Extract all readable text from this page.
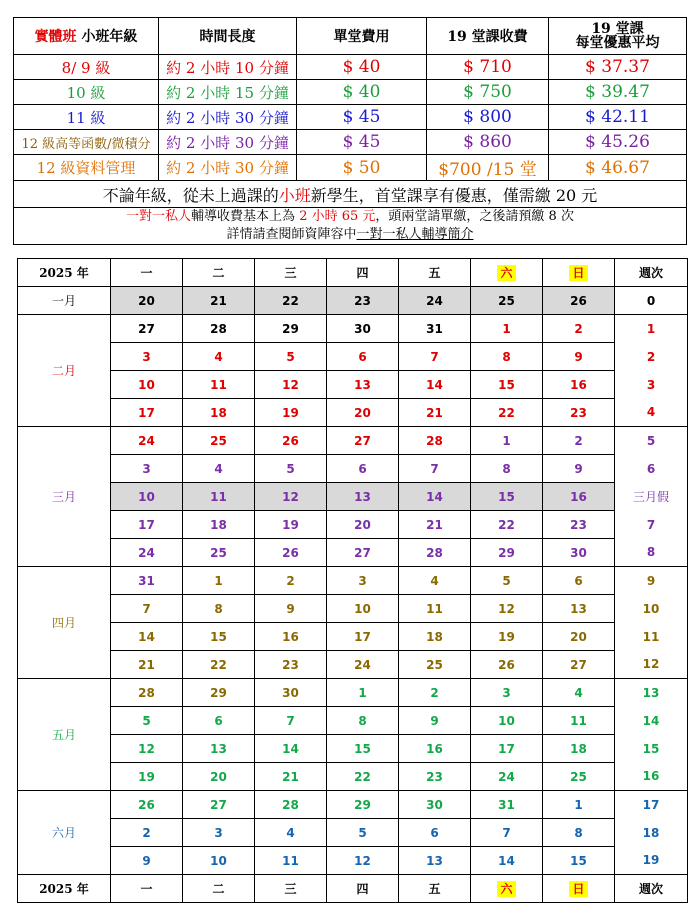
實體班 小班年級	時間長度	單堂費用	19 堂課收費	19 堂課
每堂優惠平均

8/ 9 級	約 2 小時 10 分鐘	$ 40	$ 710	$ 37.37
10 級	約 2 小時 15 分鐘	$ 40	$ 750	$ 39.47
11 級	約 2 小時 30 分鐘	$ 45	$ 800	$ 42.11
12 級高等函數/微積分	約 2 小時 30 分鐘	$ 45	$ 860	$ 45.26
12 級資料管理	約 2 小時 30 分鐘	$ 50	$700 /15 堂	$ 46.67
不論年級，從未上過課的小班新學生，首堂課享有優惠，僅需繳 20 元				

一對一私人輔導收費基本上為 2 小時 65 元，頭兩堂請單繳，之後請預繳 8 次
詳情請查閱師資陣容中一對一私人輔導簡介				
2025 年	一	二	三	四	五	六	日	週次
一月	20	21	22	23	24	25	26	0
二月	27	28	29	30	31	1	2	1
	3	4	5	6	7	8	9	2
	10	11	12	13	14	15	16	3
	17	18	19	20	21	22	23	4
三月	24	25	26	27	28	1	2	5
	3	4	5	6	7	8	9	6
	10	11	12	13	14	15	16	三月假
	17	18	19	20	21	22	23	7
	24	25	26	27	28	29	30	8
四月	31	1	2	3	4	5	6	9
	7	8	9	10	11	12	13	10
	14	15	16	17	18	19	20	11
	21	22	23	24	25	26	27	12
五月	28	29	30	1	2	3	4	13
	5	6	7	8	9	10	11	14
	12	13	14	15	16	17	18	15
	19	20	21	22	23	24	25	16
六月	26	27	28	29	30	31	1	17
	2	3	4	5	6	7	8	18
	9	10	11	12	13	14	15	19
2025 年	一	二	三	四	五	六	日	週次
